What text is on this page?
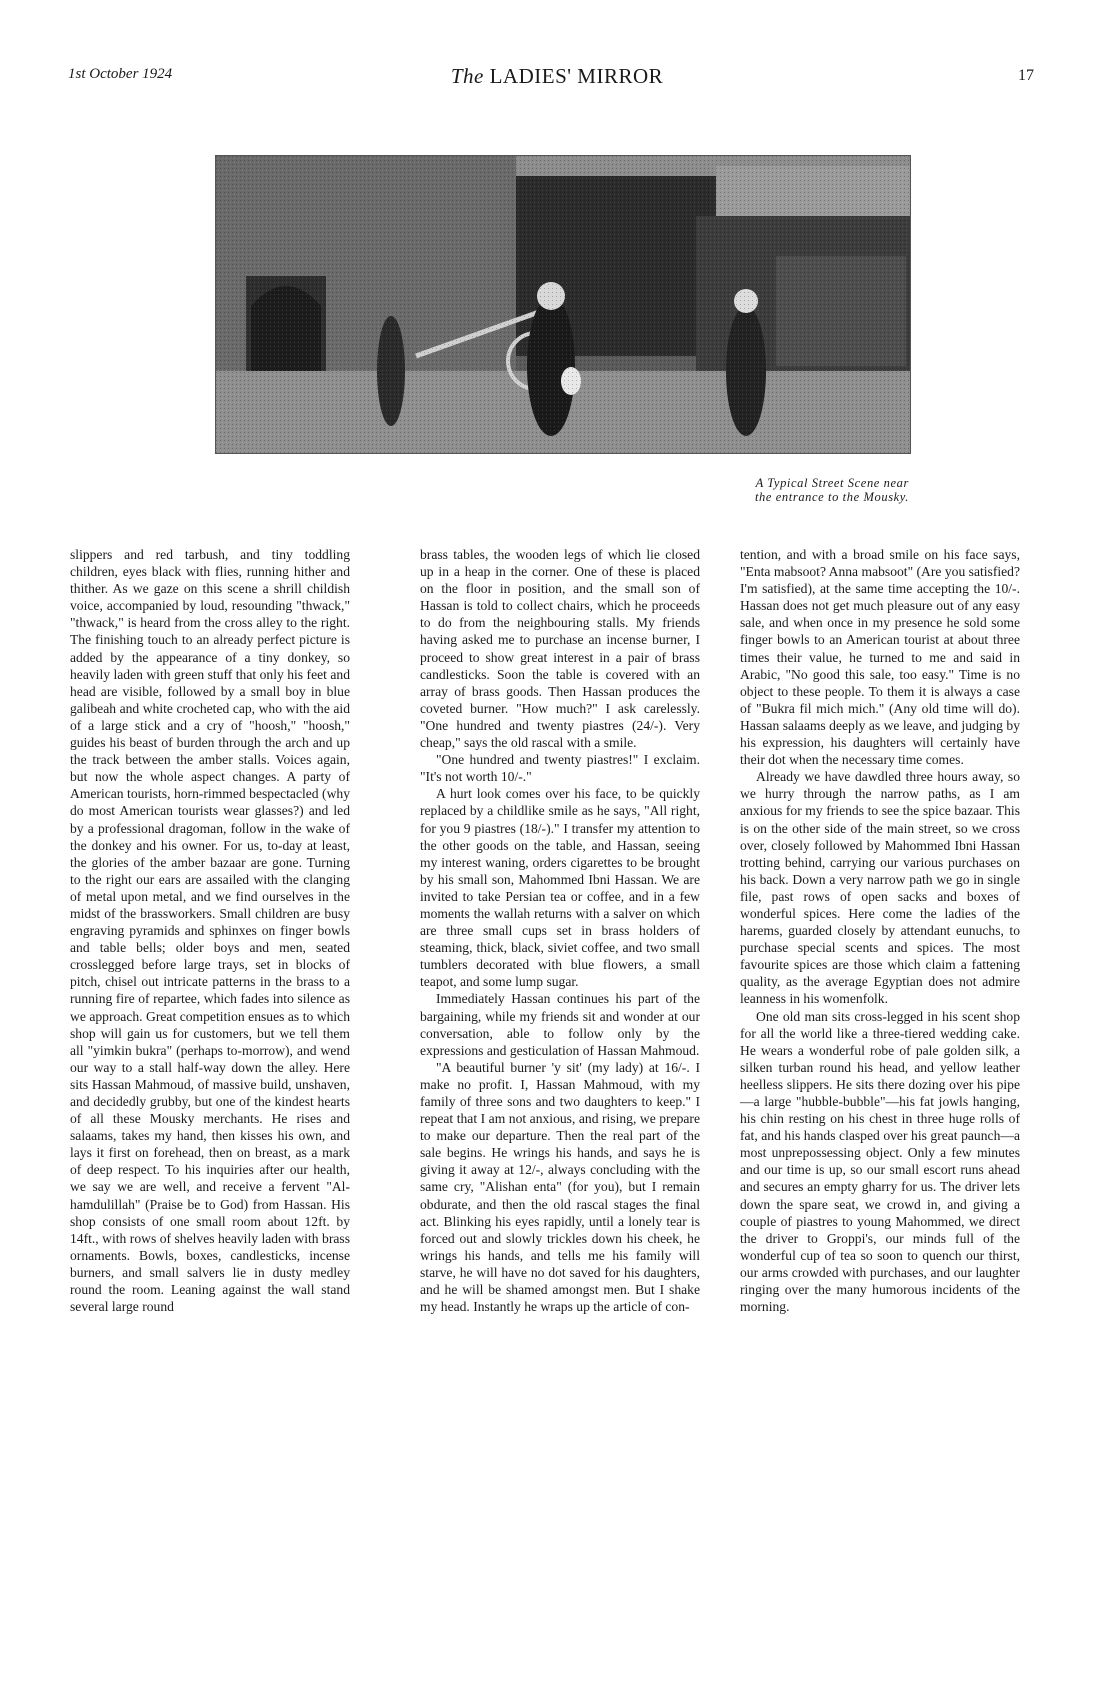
1st October 1924	The LADIES' MIRROR	17
A Typical Street Scene near
the entrance to the Mousky.

slippers and red tarbush, and tiny toddling children, eyes black with flies, running hither and thither. As we gaze on this scene a shrill childish voice, accompanied by loud, resounding "thwack," "thwack," is heard from the cross alley to the right. The finishing touch to an already perfect picture is added by the appearance of a tiny donkey, so heavily laden with green stuff that only his feet and head are visible, followed by a small boy in blue galibeah and white crocheted cap, who with the aid of a large stick and a cry of "hoosh," "hoosh," guides his beast of burden through the arch and up the track between the amber stalls. Voices again, but now the whole aspect changes. A party of American tourists, horn-rimmed bespectacled (why do most American tourists wear glasses?) and led by a professional dragoman, follow in the wake of the donkey and his owner. For us, to-day at least, the glories of the amber bazaar are gone. Turning to the right our ears are assailed with the clanging of metal upon metal, and we find ourselves in the midst of the brassworkers. Small children are busy engraving pyramids and sphinxes on finger bowls and table bells; older boys and men, seated crosslegged before large trays, set in blocks of pitch, chisel out intricate patterns in the brass to a running fire of repartee, which fades into silence as we approach. Great competition ensues as to which shop will gain us for customers, but we tell them all "yimkin bukra" (perhaps to-morrow), and wend our way to a stall half-way down the alley. Here sits Hassan Mahmoud, of massive build, unshaven, and decidedly grubby, but one of the kindest hearts of all these Mousky merchants. He rises and salaams, takes my hand, then kisses his own, and lays it first on forehead, then on breast, as a mark of deep respect. To his inquiries after our health, we say we are well, and receive a fervent "Al-hamdulillah" (Praise be to God) from Hassan. His shop consists of one small room about 12ft. by 14ft., with rows of shelves heavily laden with brass ornaments. Bowls, boxes, candlesticks, incense burners, and small salvers lie in dusty medley round the room. Leaning against the wall stand several large round

brass tables, the wooden legs of which lie closed up in a heap in the corner. One of these is placed on the floor in position, and the small son of Hassan is told to collect chairs, which he proceeds to do from the neighbouring stalls. My friends having asked me to purchase an incense burner, I proceed to show great interest in a pair of brass candlesticks. Soon the table is covered with an array of brass goods. Then Hassan produces the coveted burner. "How much?" I ask carelessly. "One hundred and twenty piastres (24/-). Very cheap," says the old rascal with a smile.

"One hundred and twenty piastres!" I exclaim. "It's not worth 10/-."

A hurt look comes over his face, to be quickly replaced by a childlike smile as he says, "All right, for you 9 piastres (18/-)." I transfer my attention to the other goods on the table, and Hassan, seeing my interest waning, orders cigarettes to be brought by his small son, Mahommed Ibni Hassan. We are invited to take Persian tea or coffee, and in a few moments the wallah returns with a salver on which are three small cups set in brass holders of steaming, thick, black, siviet coffee, and two small tumblers decorated with blue flowers, a small teapot, and some lump sugar.

Immediately Hassan continues his part of the bargaining, while my friends sit and wonder at our conversation, able to follow only by the expressions and gesticulation of Hassan Mahmoud.

"A beautiful burner 'y sit' (my lady) at 16/-. I make no profit. I, Hassan Mahmoud, with my family of three sons and two daughters to keep." I repeat that I am not anxious, and rising, we prepare to make our departure. Then the real part of the sale begins. He wrings his hands, and says he is giving it away at 12/-, always concluding with the same cry, "Alishan enta" (for you), but I remain obdurate, and then the old rascal stages the final act. Blinking his eyes rapidly, until a lonely tear is forced out and slowly trickles down his cheek, he wrings his hands, and tells me his family will starve, he will have no dot saved for his daughters, and he will be shamed amongst men. But I shake my head. Instantly he wraps up the article of con-

tention, and with a broad smile on his face says, "Enta mabsoot? Anna mabsoot" (Are you satisfied? I'm satisfied), at the same time accepting the 10/-. Hassan does not get much pleasure out of any easy sale, and when once in my presence he sold some finger bowls to an American tourist at about three times their value, he turned to me and said in Arabic, "No good this sale, too easy." Time is no object to these people. To them it is always a case of "Bukra fil mich mich." (Any old time will do). Hassan salaams deeply as we leave, and judging by his expression, his daughters will certainly have their dot when the necessary time comes.

Already we have dawdled three hours away, so we hurry through the narrow paths, as I am anxious for my friends to see the spice bazaar. This is on the other side of the main street, so we cross over, closely followed by Mahommed Ibni Hassan trotting behind, carrying our various purchases on his back. Down a very narrow path we go in single file, past rows of open sacks and boxes of wonderful spices. Here come the ladies of the harems, guarded closely by attendant eunuchs, to purchase special scents and spices. The most favourite spices are those which claim a fattening quality, as the average Egyptian does not admire leanness in his womenfolk.

One old man sits cross-legged in his scent shop for all the world like a three-tiered wedding cake. He wears a wonderful robe of pale golden silk, a silken turban round his head, and yellow leather heelless slippers. He sits there dozing over his pipe—a large "hubble-bubble"—his fat jowls hanging, his chin resting on his chest in three huge rolls of fat, and his hands clasped over his great paunch—a most unprepossessing object. Only a few minutes and our time is up, so our small escort runs ahead and secures an empty gharry for us. The driver lets down the spare seat, we crowd in, and giving a couple of piastres to young Mahommed, we direct the driver to Groppi's, our minds full of the wonderful cup of tea so soon to quench our thirst, our arms crowded with purchases, and our laughter ringing over the many humorous incidents of the morning.
